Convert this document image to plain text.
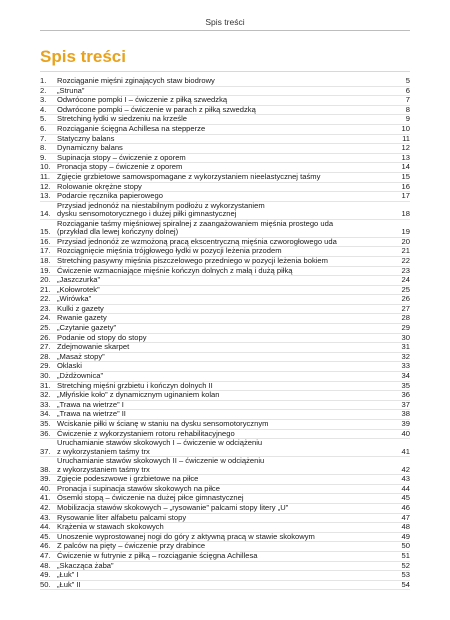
Spis treści
Spis treści
1.	Rozciąganie mięśni zginających staw biodrowy	5
2.	„Struna”	6
3.	Odwrócone pompki I – ćwiczenie z piłką szwedzką	7
4.	Odwrócone pompki – ćwiczenie w parach z piłką szwedzką	8
5.	Stretching łydki w siedzeniu na krześle	9
6.	Rozciąganie ścięgna Achillesa na stepperze	10
7.	Statyczny balans	11
8.	Dynamiczny balans	12
9.	Supinacja stopy – ćwiczenie z oporem	13
10. Pronacja stopy – ćwiczenie z oporem	14
11. Zgięcie grzbietowe samowspomagane z wykorzystaniem nieelastycznej taśmy	15
12. Rolowanie okrężne stopy	16
13. Podarcie ręcznika papierowego	17
14.
Przysiad jednonóż na niestabilnym podłożu z wykorzystaniem
dysku sensomotorycznego i dużej piłki gimnastycznej	18
15.
Rozciąganie taśmy mięśniowej spiralnej z zaangażowaniem mięśnia prostego uda
(przykład dla lewej kończyny dolnej)	19
16. Przysiad jednonóż ze wzmożoną pracą ekscentryczną mięśnia czworogłowego uda	20
17. Rozciągnięcie mięśnia trójgłowego łydki w pozycji leżenia przodem	21
18. Stretching pasywny mięśnia piszczelowego przedniego w pozycji leżenia bokiem	22
19. Ćwiczenie wzmacniające mięśnie kończyn dolnych z małą i dużą piłką	23
20. „Jaszczurka”	24
21. „Kołowrotek”	25
22. „Wirówka”	26
23. Kulki z gazety	27
24. Rwanie gazety	28
25. „Czytanie gazety”	29
26. Podanie od stopy do stopy	30
27. Zdejmowanie skarpet	31
28. „Masaż stopy”	32
29. Oklaski	33
30. „Dżdżownica”	34
31. Stretching mięśni grzbietu i kończyn dolnych II	35
32. „Młyńskie koło” z dynamicznym uginaniem kolan	36
33. „Trawa na wietrze” I	37
34. „Trawa na wietrze” II	38
35. Wciskanie piłki w ścianę w staniu na dysku sensomotorycznym	39
36. Ćwiczenie z wykorzystaniem rotoru rehabilitacyjnego	40
37.
Uruchamianie stawów skokowych I – ćwiczenie w odciążeniu
z wykorzystaniem taśmy trx	41
38.
Uruchamianie stawów skokowych II – ćwiczenie w odciążeniu
z wykorzystaniem taśmy trx	42
39. Zgięcie podeszwowe i grzbietowe na piłce	43
40. Pronacja i supinacja stawów skokowych na piłce	44
41. Ósemki stopą – ćwiczenie na dużej piłce gimnastycznej	45
42. Mobilizacja stawów skokowych – „rysowanie” palcami stopy litery „U”	46
43. Rysowanie liter alfabetu palcami stopy	47
44. Krążenia w stawach skokowych	48
45. Unoszenie wyprostowanej nogi do góry z aktywną pracą w stawie skokowym	49
46. Z palców na pięty – ćwiczenie przy drabince	50
47. Ćwiczenie w futrynie z piłką – rozciąganie ścięgna Achillesa	51
48. „Skacząca żaba”	52
49. „Łuk” I	53
50. „Łuk” II	54
